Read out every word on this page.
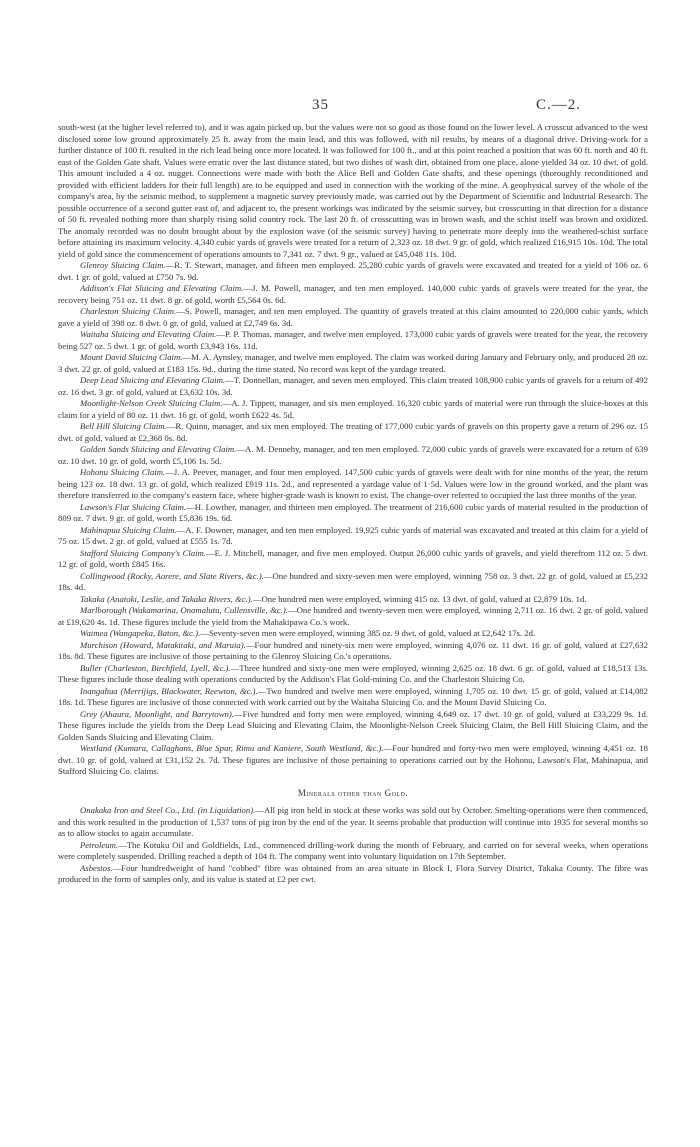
35	C.—2.

south-west (at the higher level referred to), and it was again picked up, but the values were not so good as those found on the lower level. A crosscut advanced to the west disclosed some low ground approximately 25 ft. away from the main lead, and this was followed, with nil results, by means of a diagonal drive. Driving-work for a further distance of 100 ft. resulted in the rich lead being once more located. It was followed for 100 ft., and at this point reached a position that was 60 ft. north and 40 ft. east of the Golden Gate shaft. Values were erratic over the last distance stated, but two dishes of wash dirt, obtained from one place, alone yielded 34 oz. 10 dwt. of gold. This amount included a 4 oz. nugget. Connections were made with both the Alice Bell and Golden Gate shafts, and these openings (thoroughly reconditioned and provided with efficient ladders for their full length) are to be equipped and used in connection with the working of the mine. A geophysical survey of the whole of the company's area, by the seismic method, to supplement a magnetic survey previously made, was carried out by the Department of Scientific and Industrial Research. The possible occurrence of a second gutter east of, and adjacent to, the present workings was indicated by the seismic survey, but crosscutting in that direction for a distance of 50 ft. revealed nothing more than sharply rising solid country rock. The last 20 ft. of crosscutting was in brown wash, and the schist itself was brown and oxidized. The anomaly recorded was no doubt brought about by the explosion wave (of the seismic survey) having to penetrate more deeply into the weathered-schist surface before attaining its maximum velocity. 4,340 cubic yards of gravels were treated for a return of 2,323 oz. 18 dwt. 9 gr. of gold, which realized £16,915 10s. 10d. The total yield of gold since the commencement of operations amounts to 7,341 oz. 7 dwt. 9 gr., valued at £45,048 11s. 10d.

Glenroy Sluicing Claim.—R. T. Stewart, manager, and fifteen men employed. 25,280 cubic yards of gravels were excavated and treated for a yield of 106 oz. 6 dwt. 1 gr. of gold, valued at £750 7s. 9d.

Addison's Flat Sluicing and Elevating Claim.—J. M. Powell, manager, and ten men employed. 140,000 cubic yards of gravels were treated for the year, the recovery being 751 oz. 11 dwt. 8 gr. of gold, worth £5,564 0s. 6d.

Charleston Sluicing Claim.—S. Powell, manager, and ten men employed. The quantity of gravels treated at this claim amounted to 220,000 cubic yards, which gave a yield of 398 oz. 8 dwt. 0 gr. of gold, valued at £2,749 6s. 3d.

Waitaha Sluicing and Elevating Claim.—P. P. Thomas, manager, and twelve men employed. 173,000 cubic yards of gravels were treated for the year, the recovery being 527 oz. 5 dwt. 1 gr. of gold, worth £3,943 16s. 11d.

Mount David Sluicing Claim.—M. A. Aynsley, manager, and twelve men employed. The claim was worked during January and February only, and produced 28 oz. 3 dwt. 22 gr. of gold, valued at £183 15s. 9d., during the time stated. No record was kept of the yardage treated.

Deep Lead Sluicing and Elevating Claim.—T. Donnellan, manager, and seven men employed. This claim treated 108,900 cubic yards of gravels for a return of 492 oz. 16 dwt. 3 gr. of gold, valued at £3,632 10s. 3d.

Moonlight-Nelson Creek Sluicing Claim.—A. J. Tippett, manager, and six men employed. 16,320 cubic yards of material were run through the sluice-boxes at this claim for a yield of 80 oz. 11 dwt. 16 gr. of gold, worth £622 4s. 5d.

Bell Hill Sluicing Claim.—R. Quinn, manager, and six men employed. The treating of 177,000 cubic yards of gravels on this property gave a return of 296 oz. 15 dwt. of gold, valued at £2,368 0s. 8d.

Golden Sands Sluicing and Elevating Claim.—A. M. Dennehy, manager, and ten men employed. 72,000 cubic yards of gravels were excavated for a return of 639 oz. 10 dwt. 10 gr. of gold, worth £5,106 1s. 5d.

Hohonu Sluicing Claim.—J. A. Peever, manager, and four men employed. 147,500 cubic yards of gravels were dealt with for nine months of the year, the return being 123 oz. 18 dwt. 13 gr. of gold, which realized £919 11s. 2d., and represented a yardage value of 1·5d. Values were low in the ground worked, and the plant was therefore transferred to the company's eastern face, where higher-grade wash is known to exist. The change-over referred to occupied the last three months of the year.

Lawson's Flat Sluicing Claim.—H. Lowther, manager, and thirteen men employed. The treatment of 216,600 cubic yards of material resulted in the production of 809 oz. 7 dwt. 9 gr. of gold, worth £5,836 19s. 6d.

Mahinapua Sluicing Claim.—A. F. Downer, manager, and ten men employed. 19,925 cubic yards of material was excavated and treated at this claim for a yield of 75 oz. 15 dwt. 2 gr. of gold, valued at £555 1s. 7d.

Stafford Sluicing Company's Claim.—E. J. Mitchell, manager, and five men employed. Output 26,000 cubic yards of gravels, and yield therefrom 112 oz. 5 dwt. 12 gr. of gold, worth £845 16s.

Collingwood (Rocky, Aorere, and Slate Rivers, &c.).—One hundred and sixty-seven men were employed, winning 758 oz. 3 dwt. 22 gr. of gold, valued at £5,232 18s. 4d.

Takaka (Anatoki, Leslie, and Takaka Rivers, &c.).—One hundred men were employed, winning 415 oz. 13 dwt. of gold, valued at £2,879 10s. 1d.

Marlborough (Wakamarina, Onamalutu, Cullensville, &c.).—One hundred and twenty-seven men were employed, winning 2,711 oz. 16 dwt. 2 gr. of gold, valued at £19,620 4s. 1d. These figures include the yield from the Mahakipawa Co.'s work.

Waimea (Wangapeka, Baton, &c.).—Seventy-seven men were employed, winning 385 oz. 9 dwt. of gold, valued at £2,642 17s. 2d.

Murchison (Howard, Matakitaki, and Maruia).—Four hundred and ninety-six men were employed, winning 4,076 oz. 11 dwt. 16 gr. of gold, valued at £27,632 18s. 8d. These figures are inclusive of those pertaining to the Glenroy Sluicing Co.'s operations.

Buller (Charleston, Birchfield, Lyell, &c.).—Three hundred and sixty-one men were employed, winning 2,625 oz. 18 dwt. 6 gr. of gold, valued at £18,513 13s. These figures include those dealing with operations conducted by the Addison's Flat Gold-mining Co. and the Charleston Sluicing Co.

Inangahua (Merrijigs, Blackwater, Reewton, &c.).—Two hundred and twelve men were employed, winning 1,705 oz. 10 dwt. 15 gr. of gold, valued at £14,082 18s. 1d. These figures are inclusive of those connected with work carried out by the Waitaha Sluicing Co. and the Mount David Sluicing Co.

Grey (Ahaura, Moonlight, and Barrytown).—Five hundred and forty men were employed, winning 4,649 oz. 17 dwt. 10 gr. of gold, valued at £33,229 9s. 1d. These figures include the yields from the Deep Lead Sluicing and Elevating Claim, the Moonlight-Nelson Creek Sluicing Claim, the Bell Hill Sluicing Claim, and the Golden Sands Sluicing and Elevating Claim.

Westland (Kumara, Callaghans, Blue Spur, Rimu and Kaniere, South Westland, &c.).—Four hundred and forty-two men were employed, winning 4,451 oz. 18 dwt. 10 gr. of gold, valued at £31,152 2s. 7d. These figures are inclusive of those pertaining to operations carried out by the Hohonu, Lawson's Flat, Mahinapua, and Stafford Sluicing Co. claims.

Minerals other than Gold.

Onakaka Iron and Steel Co., Ltd. (in Liquidation).—All pig iron held in stock at these works was sold out by October. Smelting-operations were then commenced, and this work resulted in the production of 1,537 tons of pig iron by the end of the year. It seems probable that production will continue into 1935 for several months so as to allow stocks to again accumulate.

Petroleum.—The Kotuku Oil and Goldfields, Ltd., commenced drilling-work during the month of February, and carried on for several weeks, when operations were completely suspended. Drilling reached a depth of 104 ft. The company went into voluntary liquidation on 17th September.

Asbestos.—Four hundredweight of hand "cobbed" fibre was obtained from an area situate in Block I, Flora Survey District, Takaka County. The fibre was produced in the form of samples only, and its value is stated at £2 per cwt.
